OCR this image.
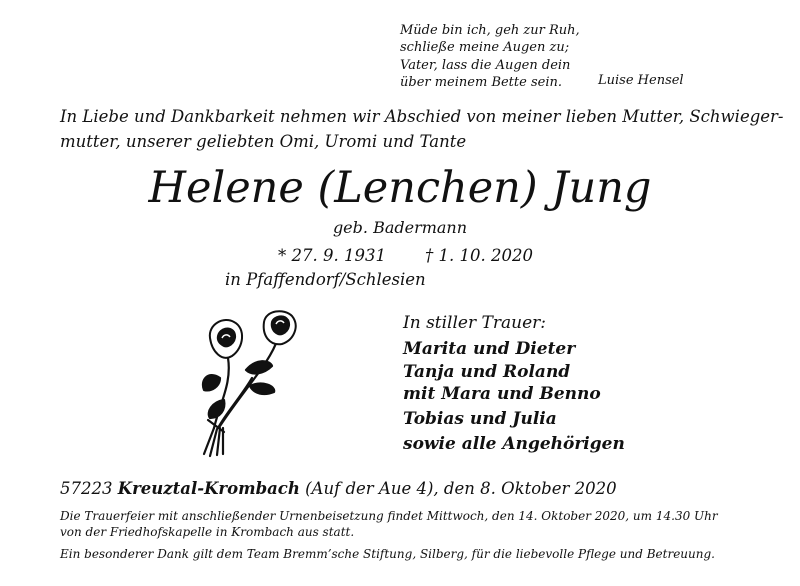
Müde bin ich, geh zur Ruh,
schließe meine Augen zu;
Vater, lass die Augen dein
über meinem Bette sein.	Luise Hensel
In Liebe und Dankbarkeit nehmen wir Abschied von meiner lieben Mutter, Schwieger-
mutter, unserer geliebten Omi, Uromi und Tante
Helene (Lenchen) Jung
geb. Badermann
* 27. 9. 1931 † 1. 10. 2020
in Pfaffendorf/Schlesien
In stiller Trauer:
Marita und Dieter
Tanja und Roland
mit Mara und Benno
Tobias und Julia
sowie alle Angehörigen
57223 Kreuztal-Krombach (Auf der Aue 4), den 8. Oktober 2020
Die Trauerfeier mit anschließender Urnenbeisetzung findet Mittwoch, den 14. Oktober 2020, um 14.30 Uhr
von der Friedhofskapelle in Krombach aus statt.
Ein besonderer Dank gilt dem Team Bremm’sche Stiftung, Silberg, für die liebevolle Pflege und Betreuung.
